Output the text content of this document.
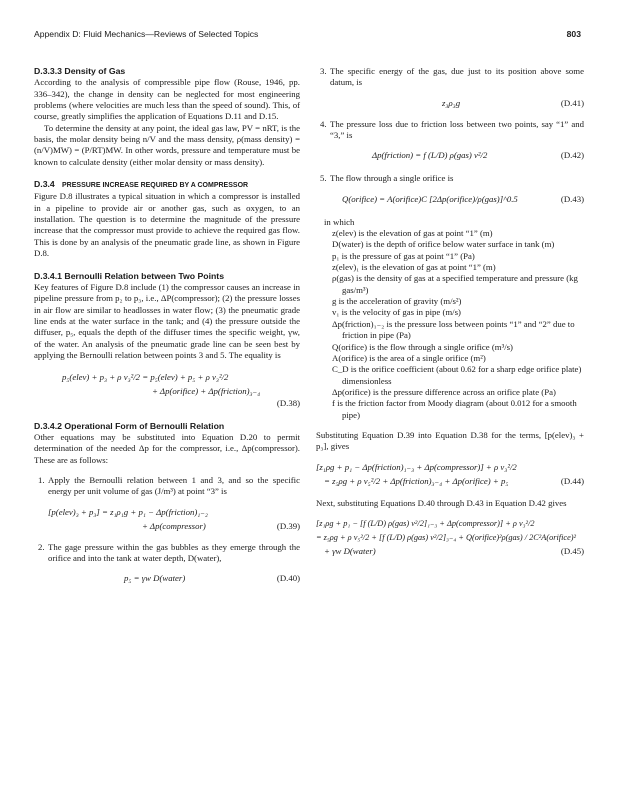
Appendix D: Fluid Mechanics—Reviews of Selected Topics	803
D.3.3.3 Density of Gas

According to the analysis of compressible pipe flow (Rouse, 1946, pp. 336–342), the change in density can be neglected for most engineering problems (where velocities are much less than the speed of sound). This, of course, greatly simplifies the application of Equations D.11 and D.15.

To determine the density at any point, the ideal gas law, PV = nRT, is the basis, the molar density being n/V and the mass density, ρ(mass density) = (n/V)MW) = (P/RT)MW. In other words, pressure and temperature must be known to calculate density (either molar density or mass density).

D.3.4 PRESSURE INCREASE REQUIRED BY A COMPRESSOR

Figure D.8 illustrates a typical situation in which a compressor is installed in a pipeline to provide air or another gas, such as oxygen, to an installation. The question is to determine the magnitude of the pressure increase that the compressor must provide to achieve the required gas flow. This is done by an analysis of the pneumatic grade line, as shown in Figure D.8.

D.3.4.1 Bernoulli Relation between Two Points

Key features of Figure D.8 include (1) the compressor causes an increase in pipeline pressure from p₂ to p₃, i.e., ΔP(compressor); (2) the pressure losses in air flow are similar to headlosses in water flow; (3) the pneumatic grade line ends at the water surface in the tank; and (4) the pressure outside the diffuser, p₅, equals the depth of the diffuser times the specific weight, γw, of the water. An analysis of the pneumatic grade line can be seen best by applying the Bernoulli relation between points 3 and 5. The equality is

p₅(elev) + p₃ + ρ v₃²/2 = p₅(elev) + p₅ + ρ v₃²/2
+ Δp(orifice) + Δp(friction)₃₋₄
(D.38)
D.3.4.2 Operational Form of Bernoulli Relation

Other equations may be substituted into Equation D.20 to permit determination of the needed Δp for the compressor, i.e., Δp(compressor). These are as follows:

1. Apply the Bernoulli relation between 1 and 3, and so the specific energy per unit volume of gas (J/m³) at point “3” is
[p(elev)₃ + p₃] = z₁ρ₁g + p₁ − Δp(friction)₁₋₂
+ Δp(compressor)	(D.39)
2. The gage pressure within the gas bubbles as they emerge through the orifice and into the tank at water depth, D(water),
p₅ = γw D(water)	(D.40)
3. The specific energy of the gas, due just to its position above some datum, is
z₃ρ₃g	(D.41)
4. The pressure loss due to friction loss between two points, say “1” and “3,” is
Δp(friction) = f (L/D) ρ(gas) v²/2	(D.42)
5. The flow through a single orifice is
Q(orifice) = A(orifice)C [2Δp(orifice)/ρ(gas)]^0.5	(D.43)

in which

z(elev) is the elevation of gas at point “1” (m)
D(water) is the depth of orifice below water surface in tank (m)
p₁ is the pressure of gas at point “1” (Pa)
z(elev)₁ is the elevation of gas at point “1” (m)
ρ(gas) is the density of gas at a specified temperature and pressure (kg gas/m³)
g is the acceleration of gravity (m/s²)
v₁ is the velocity of gas in pipe (m/s)
Δp(friction)₁₋₂ is the pressure loss between points “1” and “2” due to friction in pipe (Pa)
Q(orifice) is the flow through a single orifice (m³/s)
A(orifice) is the area of a single orifice (m²)
C_D is the orifice coefficient (about 0.62 for a sharp edge orifice plate) dimensionless
Δp(orifice) is the pressure difference across an orifice plate (Pa)
f is the friction factor from Moody diagram (about 0.012 for a smooth pipe)

Substituting Equation D.39 into Equation D.38 for the terms, [p(elev)₃ + p₃], gives

[z₁ρg + p₁ − Δp(friction)₁₋₃ + Δp(compressor)] + ρ v₃²/2
= z₅ρg + ρ v₅²/2 + Δp(friction)₃₋₄ + Δp(orifice) + p₅	(D.44)

Next, substituting Equations D.40 through D.43 in Equation D.42 gives

[z₁ρg + p₁ − [f (L/D) ρ(gas) v²/2]₁₋₃ + Δp(compressor)] + ρ v₃²/2
= z₅ρg + ρ v₅²/2 + [f (L/D) ρ(gas) v²/2]₃₋₄ + Q(orifice)²ρ(gas) / 2C²A(orifice)²
+ γw D(water)	(D.45)
